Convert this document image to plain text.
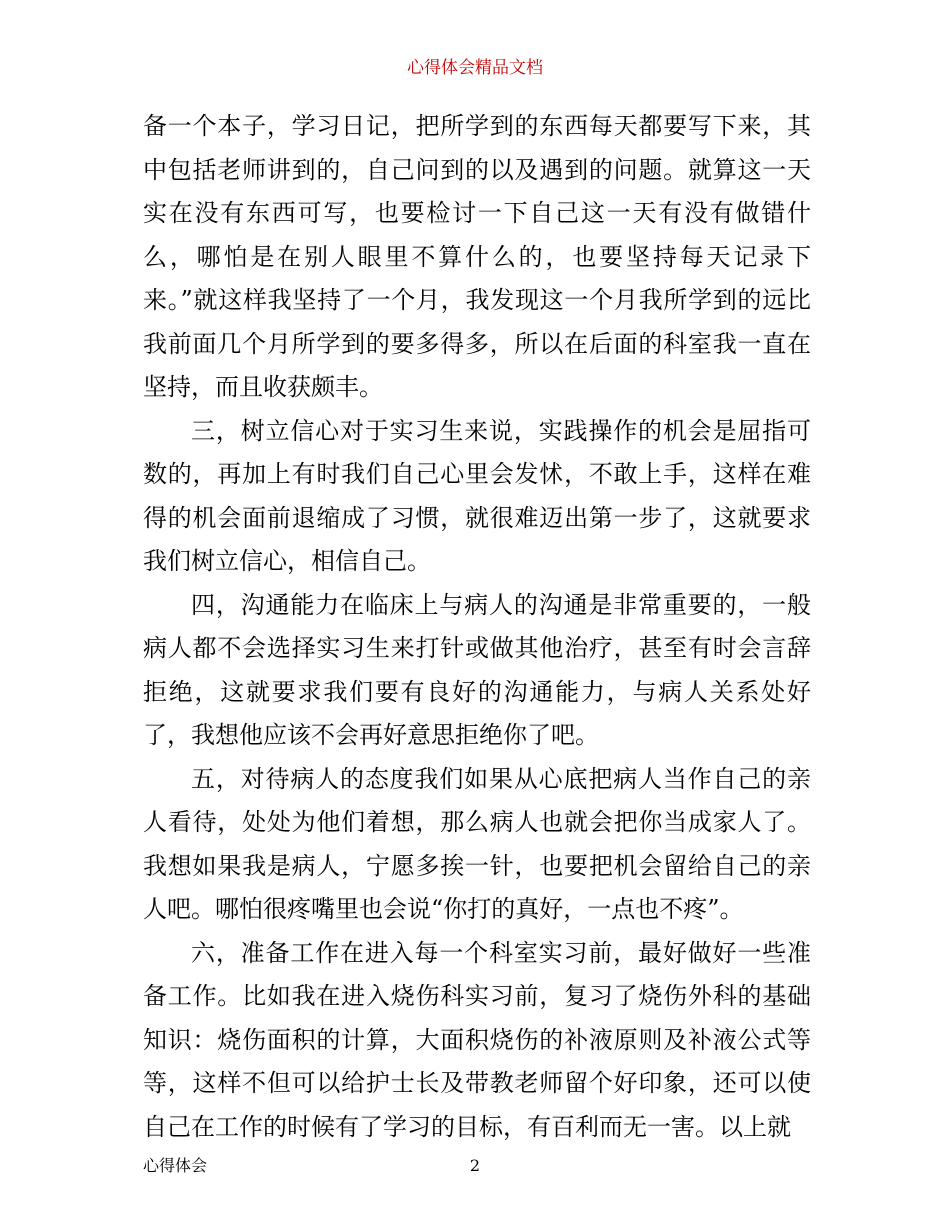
心得体会精品文档

备一个本子，学习日记，把所学到的东西每天都要写下来，其中包括老师讲到的，自己问到的以及遇到的问题。就算这一天实在没有东西可写，也要检讨一下自己这一天有没有做错什么，哪怕是在别人眼里不算什么的，也要坚持每天记录下来。”就这样我坚持了一个月，我发现这一个月我所学到的远比我前面几个月所学到的要多得多，所以在后面的科室我一直在坚持，而且收获颇丰。

三，树立信心对于实习生来说，实践操作的机会是屈指可数的，再加上有时我们自己心里会发怵，不敢上手，这样在难得的机会面前退缩成了习惯，就很难迈出第一步了，这就要求我们树立信心，相信自己。

四，沟通能力在临床上与病人的沟通是非常重要的，一般病人都不会选择实习生来打针或做其他治疗，甚至有时会言辞拒绝，这就要求我们要有良好的沟通能力，与病人关系处好了，我想他应该不会再好意思拒绝你了吧。

五，对待病人的态度我们如果从心底把病人当作自己的亲人看待，处处为他们着想，那么病人也就会把你当成家人了。我想如果我是病人，宁愿多挨一针，也要把机会留给自己的亲人吧。哪怕很疼嘴里也会说“你打的真好，一点也不疼”。

六，准备工作在进入每一个科室实习前，最好做好一些准备工作。比如我在进入烧伤科实习前，复习了烧伤外科的基础知识：烧伤面积的计算，大面积烧伤的补液原则及补液公式等等，这样不但可以给护士长及带教老师留个好印象，还可以使自己在工作的时候有了学习的目标，有百利而无一害。以上就

心得体会	2
